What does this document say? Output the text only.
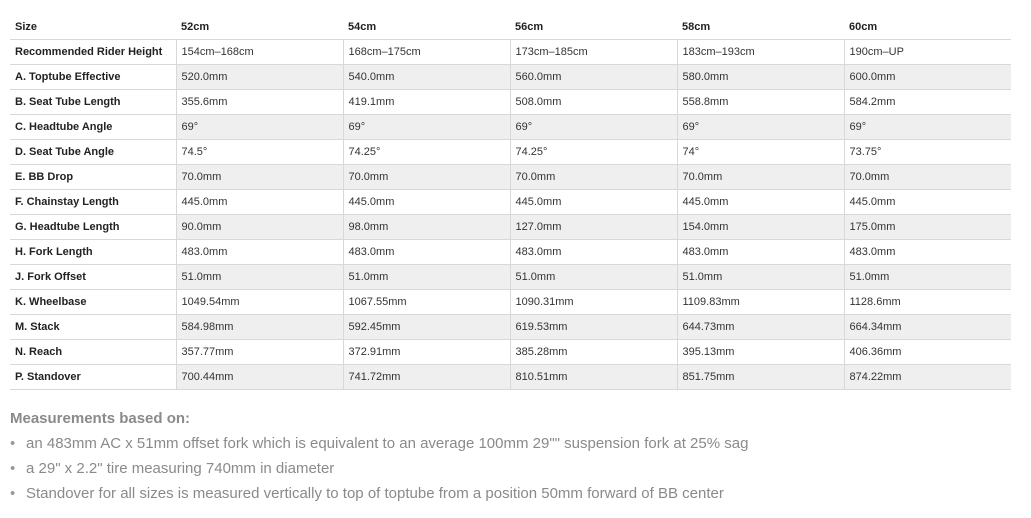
Size	52cm	54cm	56cm	58cm	60cm
Recommended Rider Height	154cm–168cm	168cm–175cm	173cm–185cm	183cm–193cm	190cm–UP
A. Toptube Effective	520.0mm	540.0mm	560.0mm	580.0mm	600.0mm
B. Seat Tube Length	355.6mm	419.1mm	508.0mm	558.8mm	584.2mm
C. Headtube Angle	69°	69°	69°	69°	69°
D. Seat Tube Angle	74.5°	74.25°	74.25°	74°	73.75°
E. BB Drop	70.0mm	70.0mm	70.0mm	70.0mm	70.0mm
F. Chainstay Length	445.0mm	445.0mm	445.0mm	445.0mm	445.0mm
G. Headtube Length	90.0mm	98.0mm	127.0mm	154.0mm	175.0mm
H. Fork Length	483.0mm	483.0mm	483.0mm	483.0mm	483.0mm
J. Fork Offset	51.0mm	51.0mm	51.0mm	51.0mm	51.0mm
K. Wheelbase	1049.54mm	1067.55mm	1090.31mm	1109.83mm	1128.6mm
M. Stack	584.98mm	592.45mm	619.53mm	644.73mm	664.34mm
N. Reach	357.77mm	372.91mm	385.28mm	395.13mm	406.36mm
P. Standover	700.44mm	741.72mm	810.51mm	851.75mm	874.22mm
Measurements based on:
• an 483mm AC x 51mm offset fork which is equivalent to an average 100mm 29"" suspension fork at 25% sag
• a 29" x 2.2" tire measuring 740mm in diameter
• Standover for all sizes is measured vertically to top of toptube from a position 50mm forward of BB center
